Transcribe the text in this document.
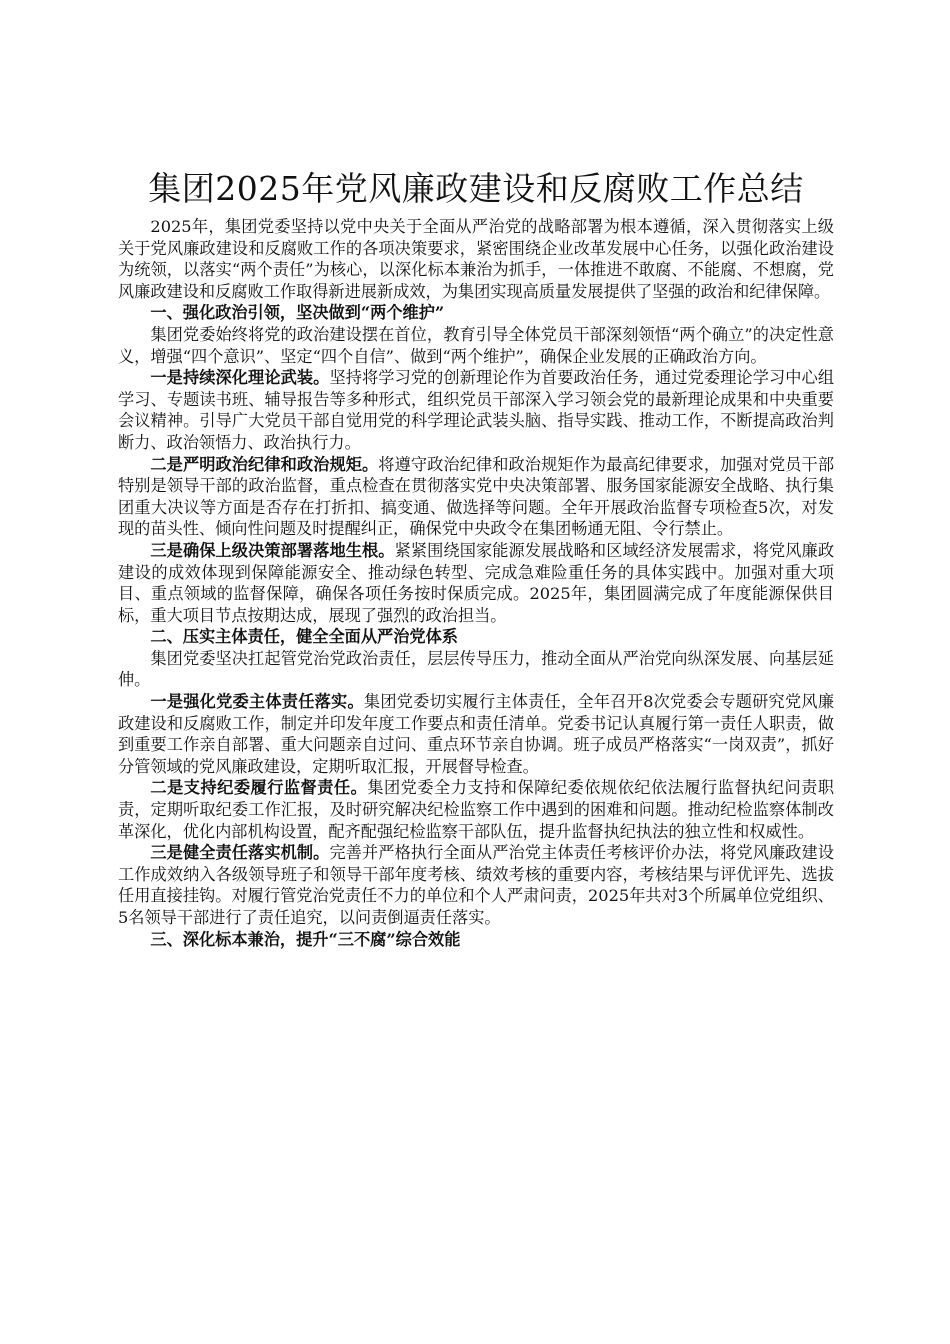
集团2025年党风廉政建设和反腐败工作总结

2025年，集团党委坚持以党中央关于全面从严治党的战略部署为根本遵循，深入贯彻落实上级关于党风廉政建设和反腐败工作的各项决策要求，紧密围绕企业改革发展中心任务，以强化政治建设为统领，以落实“两个责任”为核心，以深化标本兼治为抓手，一体推进不敢腐、不能腐、不想腐，党风廉政建设和反腐败工作取得新进展新成效，为集团实现高质量发展提供了坚强的政治和纪律保障。

一、强化政治引领，坚决做到“两个维护”

集团党委始终将党的政治建设摆在首位，教育引导全体党员干部深刻领悟“两个确立”的决定性意义，增强“四个意识”、坚定“四个自信”、做到“两个维护”，确保企业发展的正确政治方向。

一是持续深化理论武装。坚持将学习党的创新理论作为首要政治任务，通过党委理论学习中心组学习、专题读书班、辅导报告等多种形式，组织党员干部深入学习领会党的最新理论成果和中央重要会议精神。引导广大党员干部自觉用党的科学理论武装头脑、指导实践、推动工作，不断提高政治判断力、政治领悟力、政治执行力。

二是严明政治纪律和政治规矩。将遵守政治纪律和政治规矩作为最高纪律要求，加强对党员干部特别是领导干部的政治监督，重点检查在贯彻落实党中央决策部署、服务国家能源安全战略、执行集团重大决议等方面是否存在打折扣、搞变通、做选择等问题。全年开展政治监督专项检查5次，对发现的苗头性、倾向性问题及时提醒纠正，确保党中央政令在集团畅通无阻、令行禁止。

三是确保上级决策部署落地生根。紧紧围绕国家能源发展战略和区域经济发展需求，将党风廉政建设的成效体现到保障能源安全、推动绿色转型、完成急难险重任务的具体实践中。加强对重大项目、重点领域的监督保障，确保各项任务按时保质完成。2025年，集团圆满完成了年度能源保供目标，重大项目节点按期达成，展现了强烈的政治担当。

二、压实主体责任，健全全面从严治党体系

集团党委坚决扛起管党治党政治责任，层层传导压力，推动全面从严治党向纵深发展、向基层延伸。

一是强化党委主体责任落实。集团党委切实履行主体责任，全年召开8次党委会专题研究党风廉政建设和反腐败工作，制定并印发年度工作要点和责任清单。党委书记认真履行第一责任人职责，做到重要工作亲自部署、重大问题亲自过问、重点环节亲自协调。班子成员严格落实“一岗双责”，抓好分管领域的党风廉政建设，定期听取汇报，开展督导检查。

二是支持纪委履行监督责任。集团党委全力支持和保障纪委依规依纪依法履行监督执纪问责职责，定期听取纪委工作汇报，及时研究解决纪检监察工作中遇到的困难和问题。推动纪检监察体制改革深化，优化内部机构设置，配齐配强纪检监察干部队伍，提升监督执纪执法的独立性和权威性。

三是健全责任落实机制。完善并严格执行全面从严治党主体责任考核评价办法，将党风廉政建设工作成效纳入各级领导班子和领导干部年度考核、绩效考核的重要内容，考核结果与评优评先、选拔任用直接挂钩。对履行管党治党责任不力的单位和个人严肃问责，2025年共对3个所属单位党组织、5名领导干部进行了责任追究，以问责倒逼责任落实。

三、深化标本兼治，提升“三不腐”综合效能
